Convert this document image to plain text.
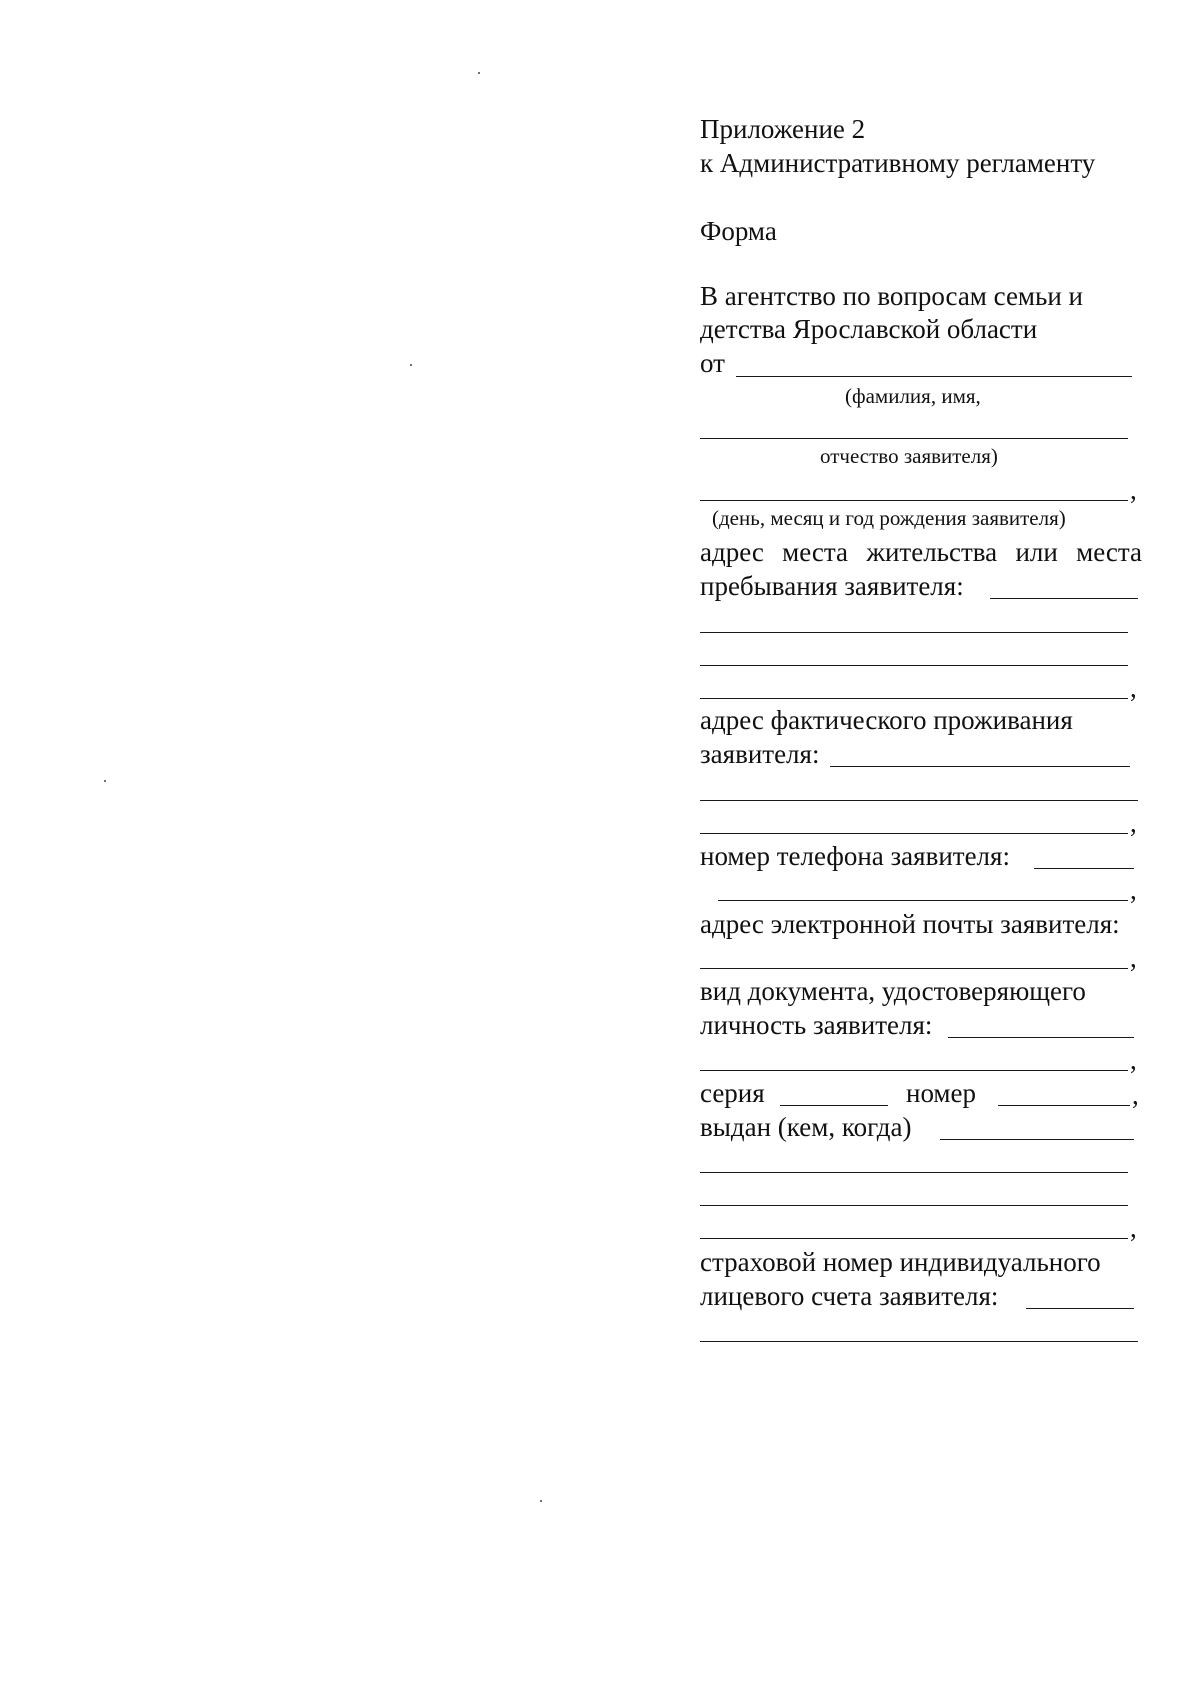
Приложение 2
к Административному регламенту
Форма
В агентство по вопросам семьи и
детства Ярославской области
от
(фамилия, имя,
отчество заявителя)
,
(день, месяц и год рождения заявителя)
адрес места жительства или места
пребывания заявителя:
,
адрес фактического проживания
заявителя:
,
номер телефона заявителя:
,
адрес электронной почты заявителя:
,
вид документа, удостоверяющего
личность заявителя:
,
серия	номер	,
выдан (кем, когда)
,
страховой номер индивидуального
лицевого счета заявителя:
